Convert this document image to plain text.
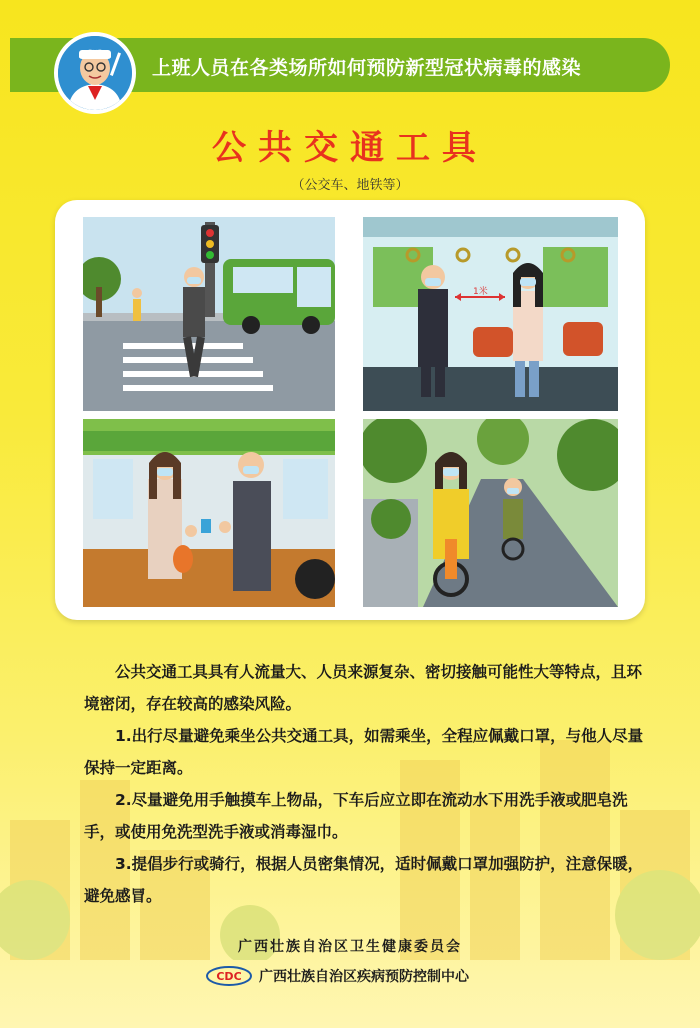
上班人员在各类场所如何预防新型冠状病毒的感染
公共交通工具
（公交车、地铁等）
1米

公共交通工具具有人流量大、人员来源复杂、密切接触可能性大等特点，且环境密闭，存在较高的感染风险。

1.出行尽量避免乘坐公共交通工具，如需乘坐，全程应佩戴口罩，与他人尽量保持一定距离。

2.尽量避免用手触摸车上物品，下车后应立即在流动水下用洗手液或肥皂洗手，或使用免洗型洗手液或消毒湿巾。

3.提倡步行或骑行，根据人员密集情况，适时佩戴口罩加强防护，注意保暖，避免感冒。

广西壮族自治区卫生健康委员会
CDC 广西壮族自治区疾病预防控制中心
